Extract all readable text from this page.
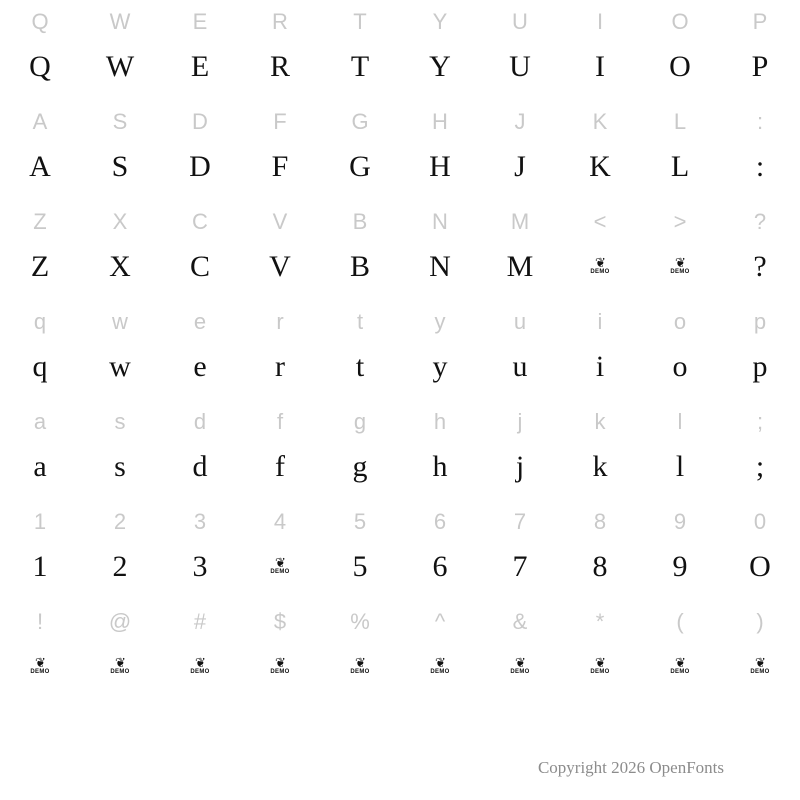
Q
Q
W
W
E
E
R
R
T
T
Y
Y
U
U
I
I
O
O
P
P
A
A
S
S
D
D
F
F
G
G
H
H
J
J
K
K
L
L
:
:
Z
Z
X
X
C
C
V
V
B
B
N
N
M
M
<
❦
DEMO
>
❦
DEMO
?
?
q
q
w
w
e
e
r
r
t
t
y
y
u
u
i
i
o
o
p
p
a
a
s
s
d
d
f
f
g
g
h
h
j
j
k
k
l
l
;
;
1
1
2
2
3
3
4
❦
DEMO
5
5
6
6
7
7
8
8
9
9
0
O
!
❦
DEMO
@
❦
DEMO
#
❦
DEMO
$
❦
DEMO
%
❦
DEMO
^
❦
DEMO
&
❦
DEMO
*
❦
DEMO
(
❦
DEMO
)
❦
DEMO
Copyright 2026 OpenFonts
